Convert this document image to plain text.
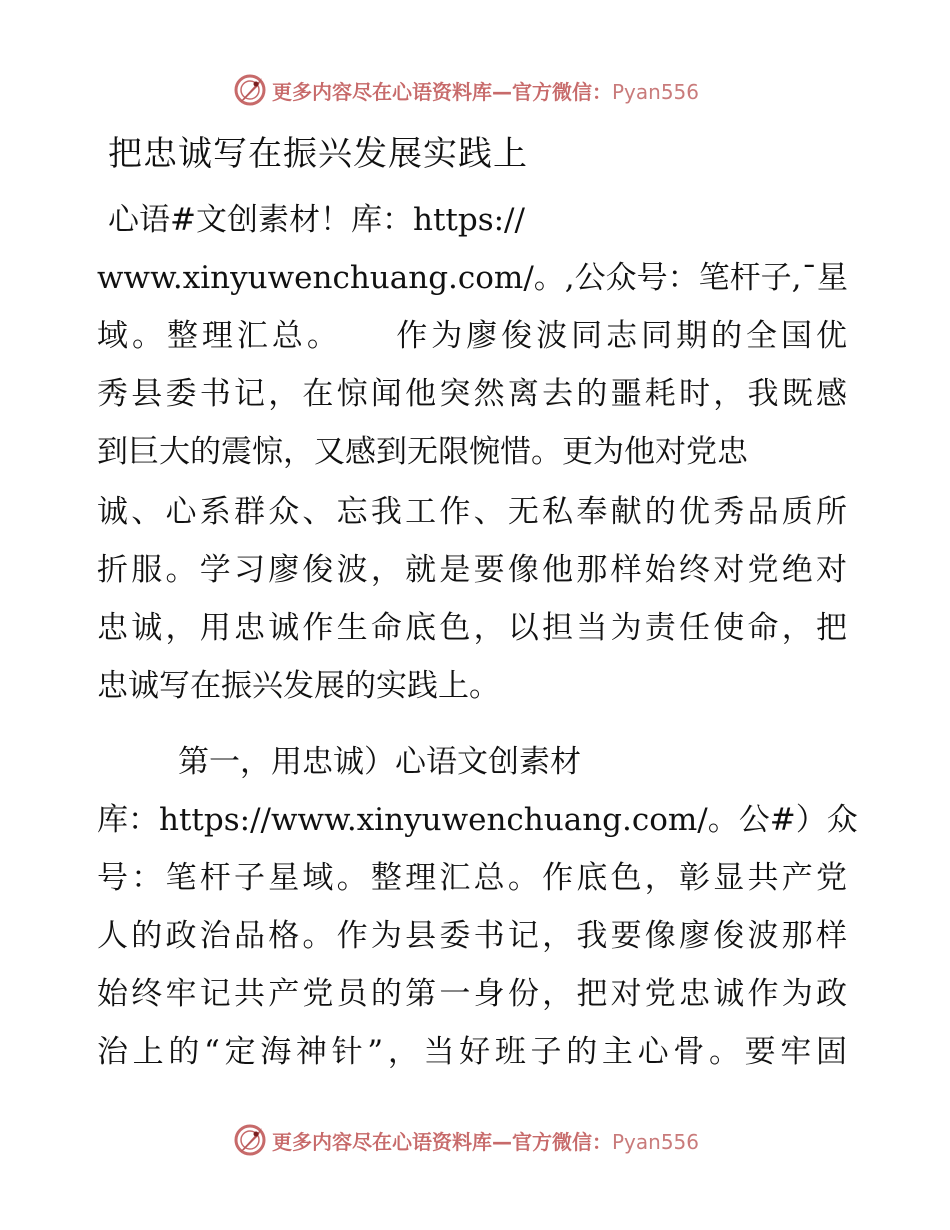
更多内容尽在心语资料库—官方微信：Pyan556
把忠诚写在振兴发展实践上
心语#文创素材！库：https://
www.xinyuwenchuang.com/。,公众号：笔杆子,¯星
域。整理汇总。　　作为廖俊波同志同期的全国优
秀县委书记，在惊闻他突然离去的噩耗时，我既感
到巨大的震惊，又感到无限惋惜。更为他对党忠
诚、心系群众、忘我工作、无私奉献的优秀品质所
折服。学习廖俊波，就是要像他那样始终对党绝对
忠诚，用忠诚作生命底色，以担当为责任使命，把
忠诚写在振兴发展的实践上。
第一，用忠诚）心语文创素材
库：https://www.xinyuwenchuang.com/。公#）众
号：笔杆子星域。整理汇总。作底色，彰显共产党
人的政治品格。作为县委书记，我要像廖俊波那样
始终牢记共产党员的第一身份，把对党忠诚作为政
治上的“定海神针”，当好班子的主心骨。要牢固
更多内容尽在心语资料库—官方微信：Pyan556
